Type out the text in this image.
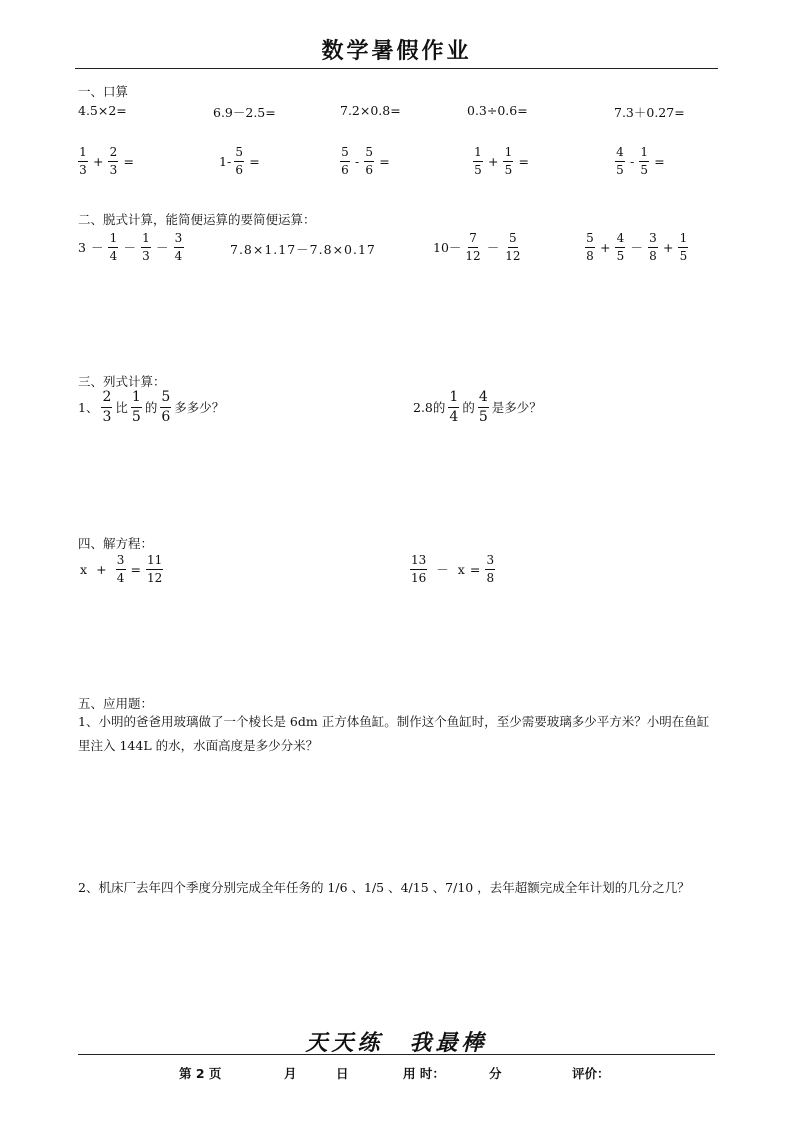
数学暑假作业
一、口算
4.5×2=	6.9－2.5=	7.2×0.8=	0.3÷0.6=	7.3＋0.27=
$\frac{1}{3} + \frac{2}{3}$ =	$1- \frac{5}{6}$ =	$\frac{5}{6} - \frac{5}{6}$ =	$\frac{1}{5} + \frac{1}{5}$ =	$\frac{4}{5} - \frac{1}{5}$ =
二、脱式计算，能简便运算的要简便运算：
$3 - \frac{1}{4} - \frac{1}{3} - \frac{3}{4}$	7.8×1.17－7.8×0.17	$10- \frac{7}{12} - \frac{5}{12}$	$\frac{5}{8} + \frac{4}{5} - \frac{3}{8} + \frac{1}{5}$
三、列式计算：
1、 $\frac{2}{3}$ 比 $\frac{1}{5}$ 的 $\frac{5}{6}$ 多多少？	2.8的 $\frac{1}{4}$ 的 $\frac{4}{5}$ 是多少？
四、解方程：
$x + \frac{3}{4} = \frac{11}{12}$	$\frac{13}{16} - x = \frac{3}{8}$
五、应用题：
1、小明的爸爸用玻璃做了一个棱长是 6dm 正方体鱼缸。制作这个鱼缸时，至少需要玻璃多少平方米？小明在鱼缸里注入 144L 的水，水面高度是多少分米？
2、机床厂去年四个季度分别完成全年任务的 1/6 、1/5 、4/15 、7/10 ，去年超额完成全年计划的几分之几？
天天练　我最棒
第 2 页	月	日	用 时：	分	评价：
